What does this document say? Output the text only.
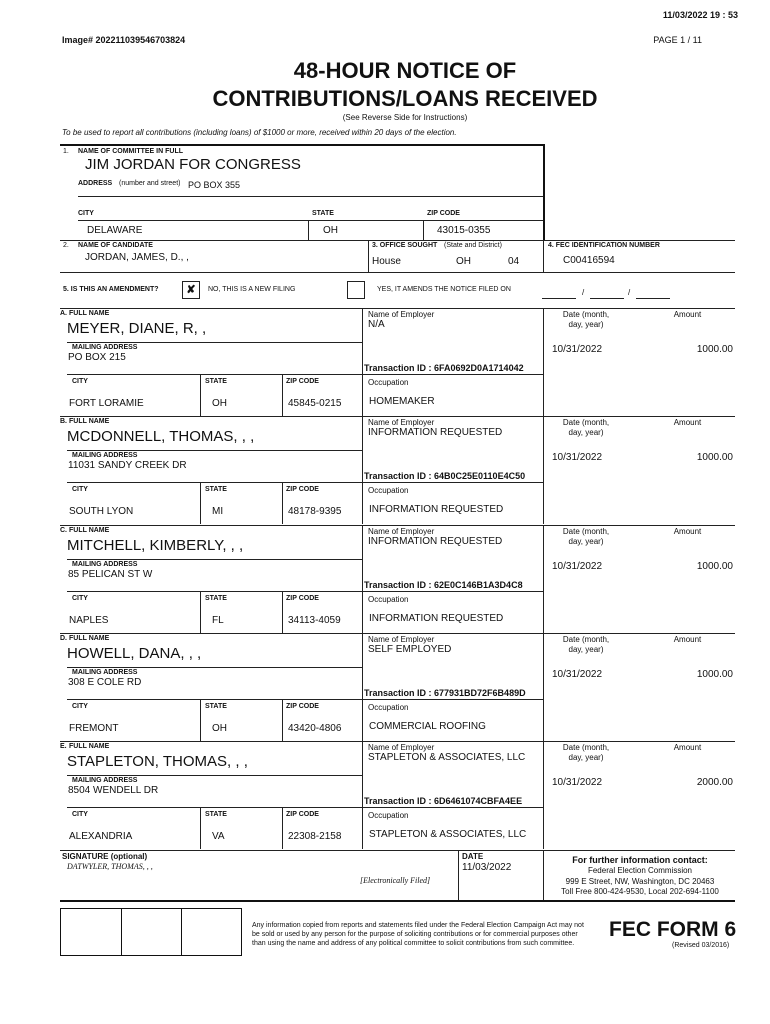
11/03/2022 19 : 53
Image# 202211039546703824	PAGE 1 / 11
48-HOUR NOTICE OF
CONTRIBUTIONS/LOANS RECEIVED
(See Reverse Side for Instructions)
To be used to report all contributions (including loans) of $1000 or more, received within 20 days of the election.
1. NAME OF COMMITTEE IN FULL
JIM JORDAN FOR CONGRESS
ADDRESS (number and street) PO BOX 355
CITY	STATE	ZIP CODE
DELAWARE	OH	43015-0355
2. NAME OF CANDIDATE
JORDAN, JAMES, D., ,
3. OFFICE SOUGHT (State and District)
House	OH	04
4. FEC IDENTIFICATION NUMBER
C00416594
5. IS THIS AN AMENDMENT?	✘	NO, THIS IS A NEW FILING	YES, IT AMENDS THE NOTICE FILED ON	/	/
A. FULL NAME
MEYER, DIANE, R, ,
MAILING ADDRESS
PO BOX 215
CITY	STATE	ZIP CODE
FORT LORAMIE	OH	45845-0215
Name of Employer
N/A
Transaction ID : 6FA0692D0A1714042
Occupation
HOMEMAKER
Date (month,
day, year)
Amount
10/31/2022	1000.00
B. FULL NAME
MCDONNELL, THOMAS, , ,
MAILING ADDRESS
11031 SANDY CREEK DR
CITY	STATE	ZIP CODE
SOUTH LYON	MI	48178-9395
Name of Employer
INFORMATION REQUESTED
Transaction ID : 64B0C25E0110E4C50
Occupation
INFORMATION REQUESTED
Date (month,
day, year)
Amount
10/31/2022	1000.00
C. FULL NAME
MITCHELL, KIMBERLY, , ,
MAILING ADDRESS
85 PELICAN ST W
CITY	STATE	ZIP CODE
NAPLES	FL	34113-4059
Name of Employer
INFORMATION REQUESTED
Transaction ID : 62E0C146B1A3D4C8
Occupation
INFORMATION REQUESTED
Date (month,
day, year)
Amount
10/31/2022	1000.00
D. FULL NAME
HOWELL, DANA, , ,
MAILING ADDRESS
308 E COLE RD
CITY	STATE	ZIP CODE
FREMONT	OH	43420-4806
Name of Employer
SELF EMPLOYED
Transaction ID : 677931BD72F6B489D
Occupation
COMMERCIAL ROOFING
Date (month,
day, year)
Amount
10/31/2022	1000.00
E. FULL NAME
STAPLETON, THOMAS, , ,
MAILING ADDRESS
8504 WENDELL DR
CITY	STATE	ZIP CODE
ALEXANDRIA	VA	22308-2158
Name of Employer
STAPLETON & ASSOCIATES, LLC
Transaction ID : 6D6461074CBFA4EE
Occupation
STAPLETON & ASSOCIATES, LLC
Date (month,
day, year)
Amount
10/31/2022	2000.00
SIGNATURE (optional)
DATWYLER, THOMAS, , ,
[Electronically Filed]
DATE
11/03/2022
For further information contact:
Federal Election Commission
999 E Street, NW, Washington, DC 20463
Toll Free 800-424-9530, Local 202-694-1100
Any information copied from reports and statements filed under the Federal Election Campaign Act may not
be sold or used by any person for the purpose of soliciting contributions or for commercial purposes other
than using the name and address of any political committee to solicit contributions from such committee.
FEC FORM 6
(Revised 03/2016)
